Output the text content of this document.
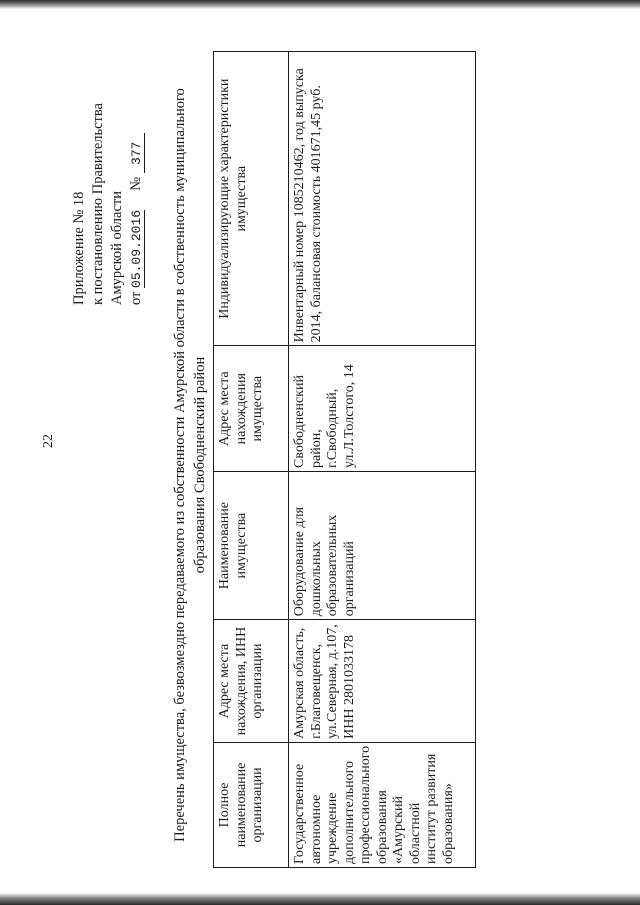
22
Приложение № 18 к постановлению Правительства Амурской области от 05.09.2016  № 377 Перечень имущества, безвозмездно передаваемого из собственности Амурской области в собственность муниципального образования Свободненский район
Полное наименование организации	Адрес места нахождения, ИНН организации	Наименование имущества	Адрес места нахождения имущества	Индивидуализирующие характеристики имущества
Государственное автономное учреждение дополнительного профессионального образования «Амурский областной институт развития образования»	Амурская область, г.Благовещенск, ул.Северная, д.107, ИНН 2801033178	Оборудование для дошкольных образовательных организаций	Свободненский район, г.Свободный, ул.Л.Толстого, 14	Инвентарный номер 1085210462, год выпуска 2014, балансовая стоимость 401671,45 руб.
